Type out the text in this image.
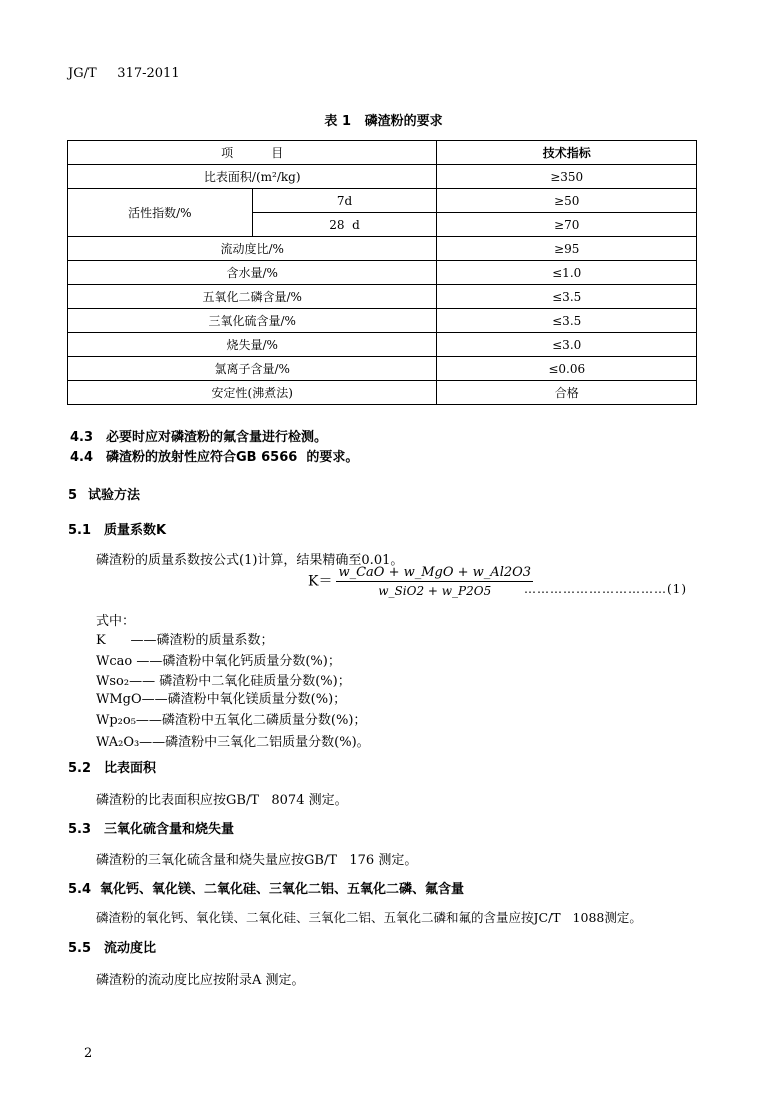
JG/T     317-2011
表 1   磷渣粉的要求
项          目		技术指标
比表面积/(m²/kg)		≥350
活性指数/%	7d	≥50
	28  d	≥70
流动度比/%		≥95
含水量/%		≤1.0
五氧化二磷含量/%		≤3.5
三氧化硫含量/%		≤3.5
烧失量/%		≤3.0
氯离子含量/%		≤0.06
安定性(沸煮法)		合格
4.3 必要时应对磷渣粉的氟含量进行检测。
4.4 磷渣粉的放射性应符合GB 6566  的要求。
5 试验方法
5.1 质量系数K
磷渣粉的质量系数按公式(1)计算，结果精确至0.01。
$K= \frac{\text{w\_CaO + w\_MgO + w\_Al2O3}}{\text{w\_SiO2 + w\_P2O5}}$
……………………………(1)
式中：
K      ——磷渣粉的质量系数；
Wcao ——磷渣粉中氧化钙质量分数(%)；
Wso₂—— 磷渣粉中二氧化硅质量分数(%)；
WMgO——磷渣粉中氧化镁质量分数(%)；
Wp₂o₅——磷渣粉中五氧化二磷质量分数(%)；
WA₂O₃——磷渣粉中三氧化二铝质量分数(%)。
5.2 比表面积
磷渣粉的比表面积应按GB/T   8074 测定。
5.3 三氧化硫含量和烧失量
磷渣粉的三氧化硫含量和烧失量应按GB/T   176 测定。
5.4 氧化钙、氧化镁、二氧化硅、三氧化二铝、五氧化二磷、氟含量
磷渣粉的氧化钙、氧化镁、二氧化硅、三氧化二铝、五氧化二磷和氟的含量应按JC/T   1088测定。
5.5 流动度比
磷渣粉的流动度比应按附录A 测定。
2
